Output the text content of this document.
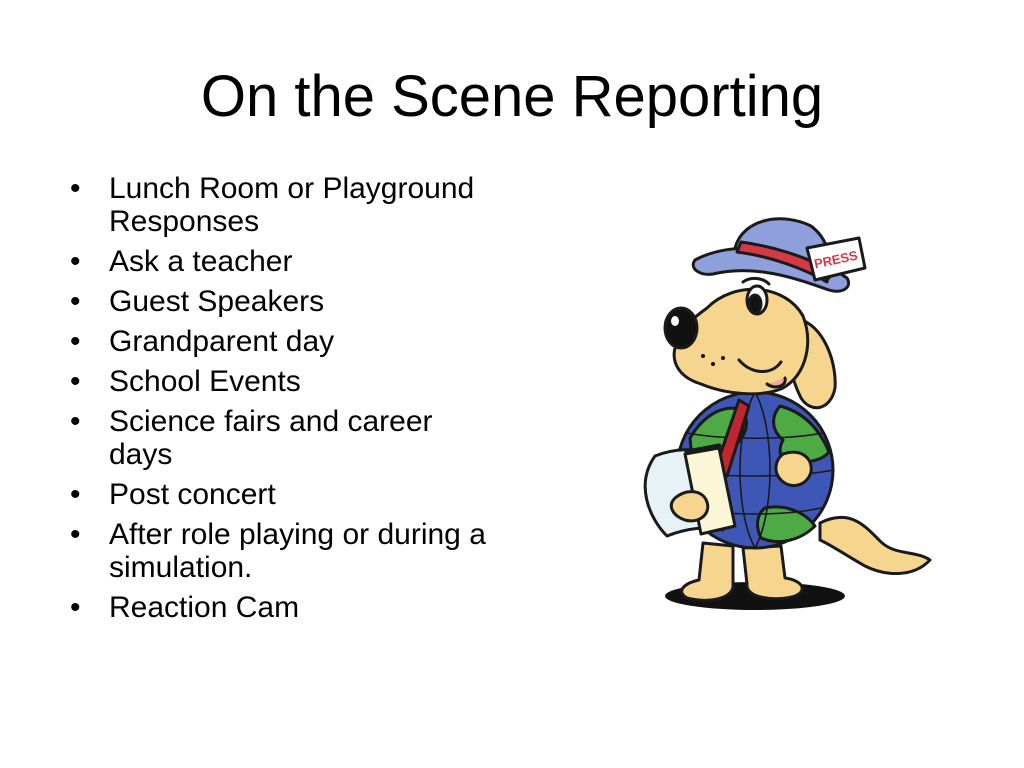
On the Scene Reporting
• Lunch Room or Playground Responses
• Ask a teacher
• Guest Speakers
• Grandparent day
• School Events
• Science fairs and career days
• Post concert
• After role playing or during a simulation.
• Reaction Cam
PRESS
